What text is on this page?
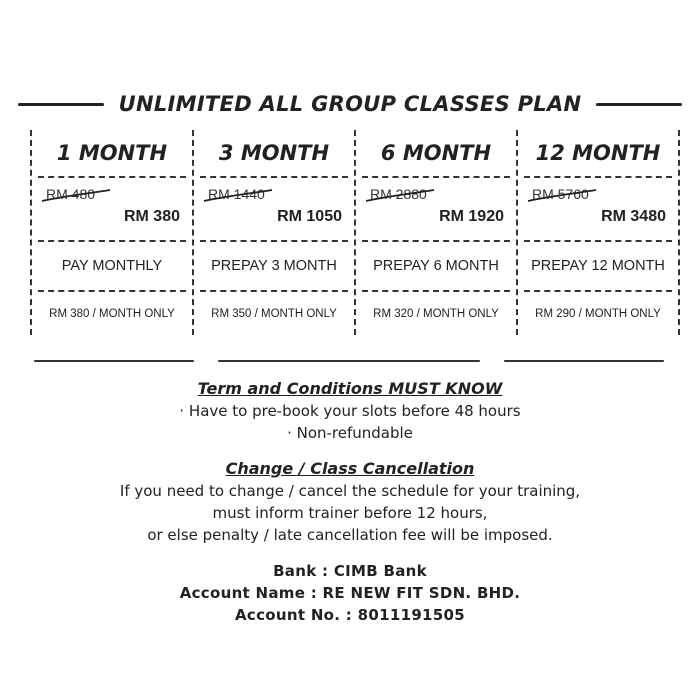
UNLIMITED ALL GROUP CLASSES PLAN
1 MONTH
RM 480
RM 380
PAY MONTHLY
RM 380 / MONTH ONLY
3 MONTH
RM 1440
RM 1050
PREPAY 3 MONTH
RM 350 / MONTH ONLY
6 MONTH
RM 2880
RM 1920
PREPAY 6 MONTH
RM 320 / MONTH ONLY
12 MONTH
RM 5760
RM 3480
PREPAY 12 MONTH
RM 290 / MONTH ONLY
Term and Conditions MUST KNOW
· Have to pre-book your slots before 48 hours
· Non-refundable
Change / Class Cancellation
If you need to change / cancel the schedule for your training,
must inform trainer before 12 hours,
or else penalty / late cancellation fee will be imposed.
Bank : CIMB Bank
Account Name : RE NEW FIT SDN. BHD.
Account No. : 8011191505
